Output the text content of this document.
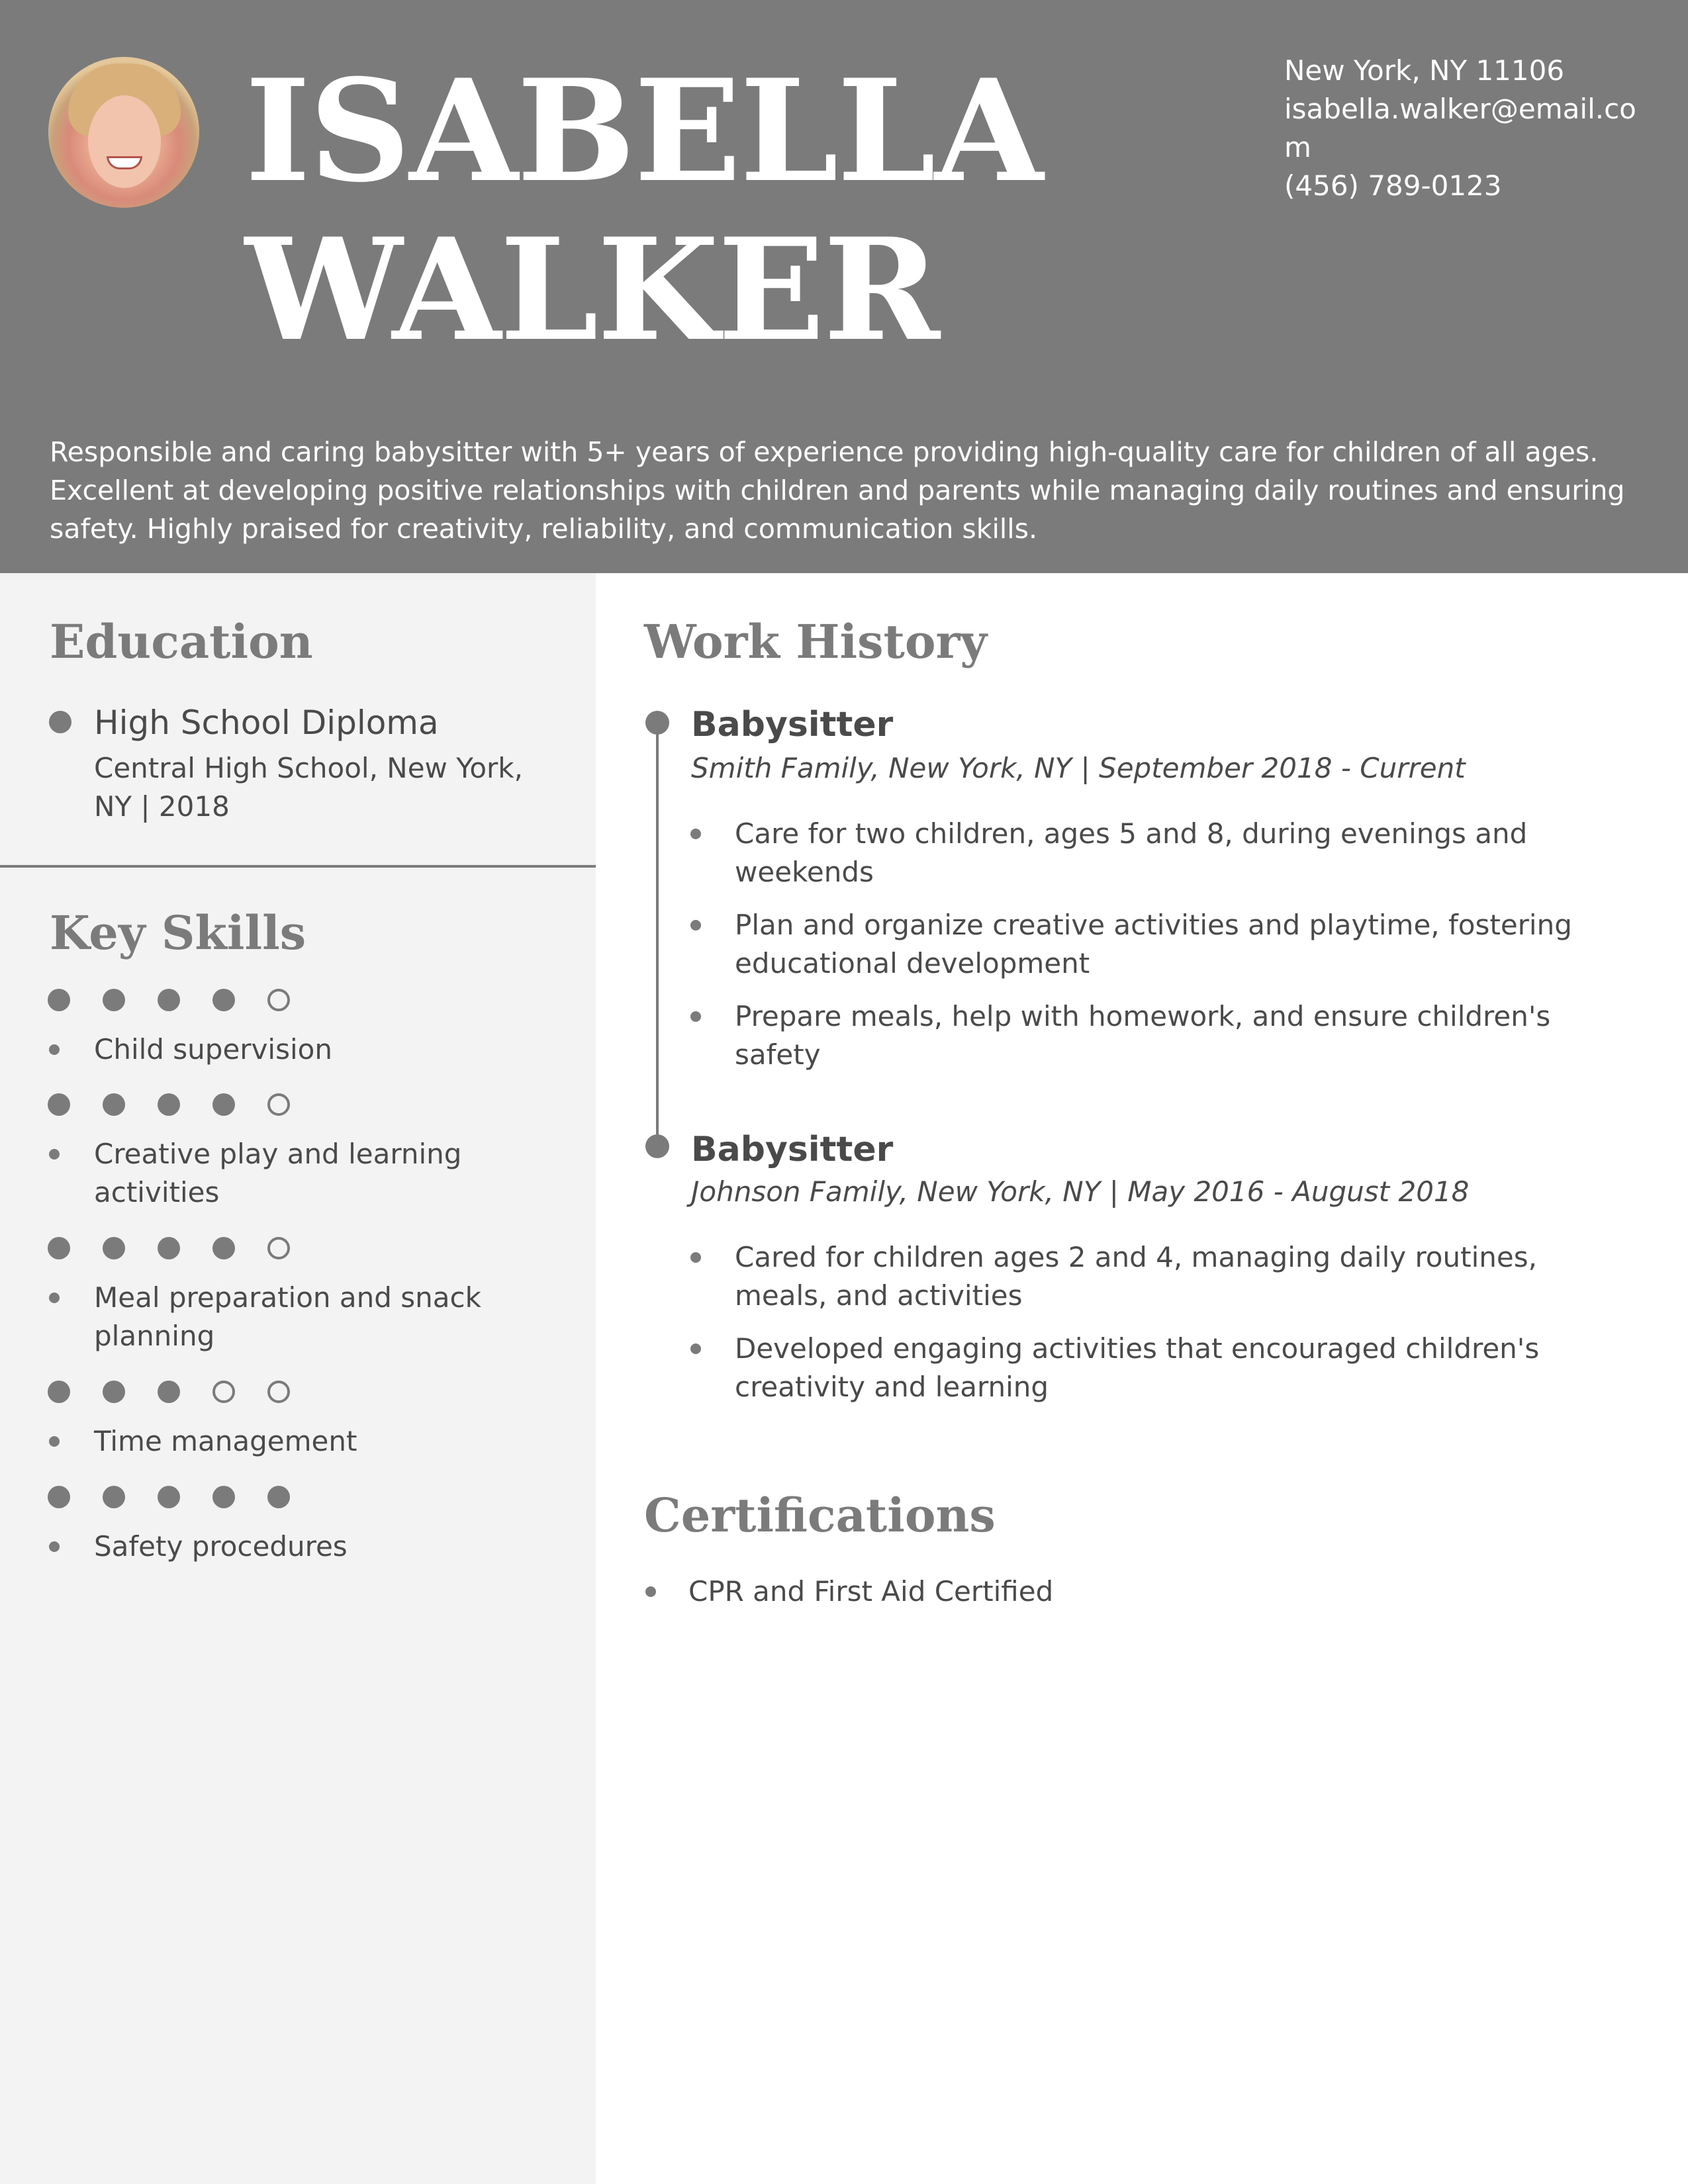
ISABELLA
WALKER
New York, NY 11106
isabella.walker@email.com
(456) 789-0123
Responsible and caring babysitter with 5+ years of experience providing high-quality care for children of all ages. Excellent at developing positive relationships with children and parents while managing daily routines and ensuring safety. Highly praised for creativity, reliability, and communication skills.
Education
High School Diploma
Central High School, New York, NY | 2018
Key Skills
Child supervision
Creative play and learning activities
Meal preparation and snack planning
Time management
Safety procedures
Work History
Babysitter
Smith Family, New York, NY | September 2018 - Current
Care for two children, ages 5 and 8, during evenings and weekends
Plan and organize creative activities and playtime, fostering educational development
Prepare meals, help with homework, and ensure children's safety
Babysitter
Johnson Family, New York, NY | May 2016 - August 2018
Cared for children ages 2 and 4, managing daily routines, meals, and activities
Developed engaging activities that encouraged children's creativity and learning
Certifications
CPR and First Aid Certified
